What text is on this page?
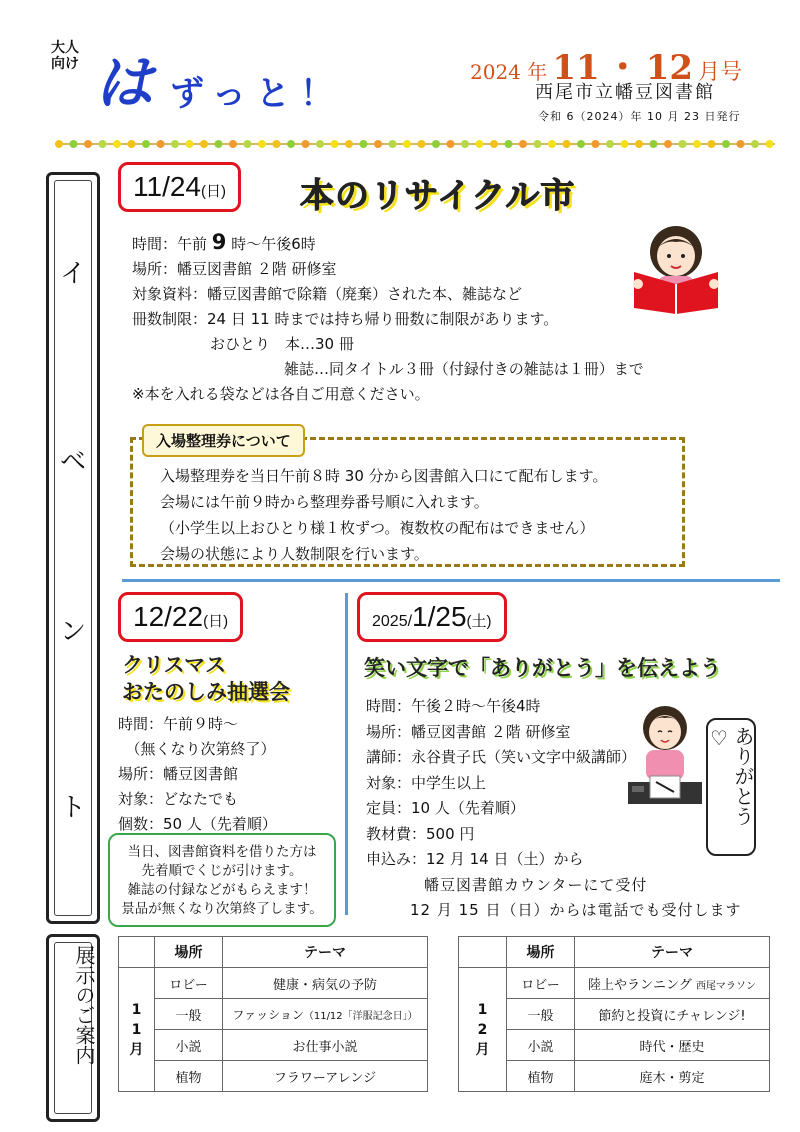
大人向け は ずっと！
2024 年 11 ・ 12 月号
西尾市立幡豆図書館
令和 6（2024）年 10 月 23 日発行
イ
ベ
ン
ト
展示のご案内
11/24(日)	本のリサイクル市
時間：午前 9 時～午後6時
場所：幡豆図書館 ２階 研修室
対象資料：幡豆図書館で除籍（廃棄）された本、雑誌など
冊数制限：24 日 11 時までは持ち帰り冊数に制限があります。
おひとり　本…30 冊
雑誌…同タイトル３冊（付録付きの雑誌は１冊）まで
※本を入れる袋などは各自ご用意ください。
入場整理券について
入場整理券を当日午前８時 30 分から図書館入口にて配布します。
会場には午前９時から整理券番号順に入れます。
（小学生以上おひとり様１枚ずつ。複数枚の配布はできません）
会場の状態により人数制限を行います。
12/22(日)
クリスマス
おたのしみ抽選会
時間：午前９時～
　（無くなり次第終了）
場所：幡豆図書館
対象：どなたでも
個数：50 人（先着順）
当日、図書館資料を借りた方は
先着順でくじが引けます。
雑誌の付録などがもらえます！
景品が無くなり次第終了します。
2025/1/25(土)
笑い文字で「ありがとう」を伝えよう
時間：午後２時～午後4時
場所：幡豆図書館 ２階 研修室
講師：永谷貴子氏（笑い文字中級講師）
対象：中学生以上
定員：10 人（先着順）
教材費：500 円
申込み：12 月 14 日（土）から
幡豆図書館カウンターにて受付
12 月 15 日（日）からは電話でも受付します
ありがとう♡
	場所	テーマ

11月	ロビー	健康・病気の予防
	一般	ファッション（11/12「洋服記念日」）
	小説	お仕事小説
	植物	フラワーアレンジ
	場所	テーマ

12月	ロビー	陸上やランニング 西尾マラソン
	一般	節約と投資にチャレンジ!
	小説	時代・歴史
	植物	庭木・剪定
